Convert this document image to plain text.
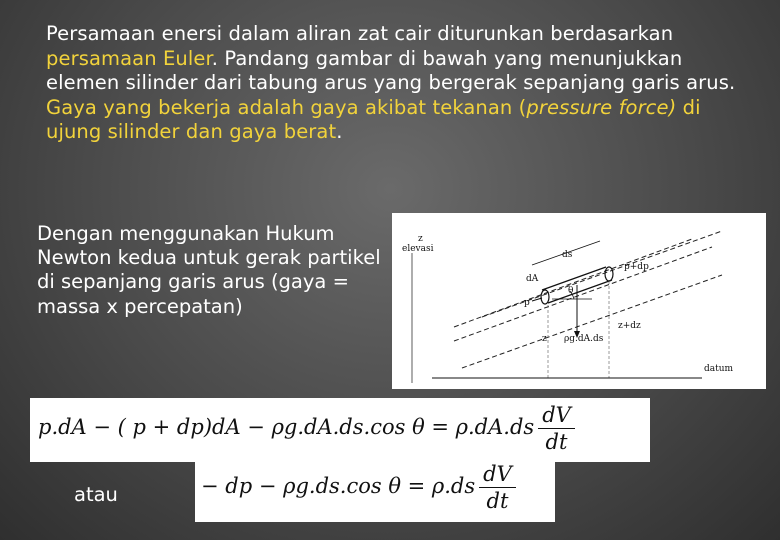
Persamaan enersi dalam aliran zat cair diturunkan berdasarkan persamaan Euler. Pandang gambar di bawah yang menunjukkan elemen silinder dari tabung arus yang bergerak sepanjang garis arus. Gaya yang bekerja adalah gaya akibat tekanan (pressure force) di ujung silinder dan gaya berat.
Dengan menggunakan Hukum Newton kedua untuk gerak partikel di sepanjang garis arus (gaya = massa x percepatan)
z
elevasi
ds
p+dp
dA
p
θ
z+dz
z ρg.dA.ds
datum
p.dA − ( p + dp)dA − ρg.dA.ds.cos $\theta = \rho.dA.ds \frac{dV}{dt}$
atau	− dp − ρg.ds.cos $\theta = \rho.ds \frac{dV}{dt}$
